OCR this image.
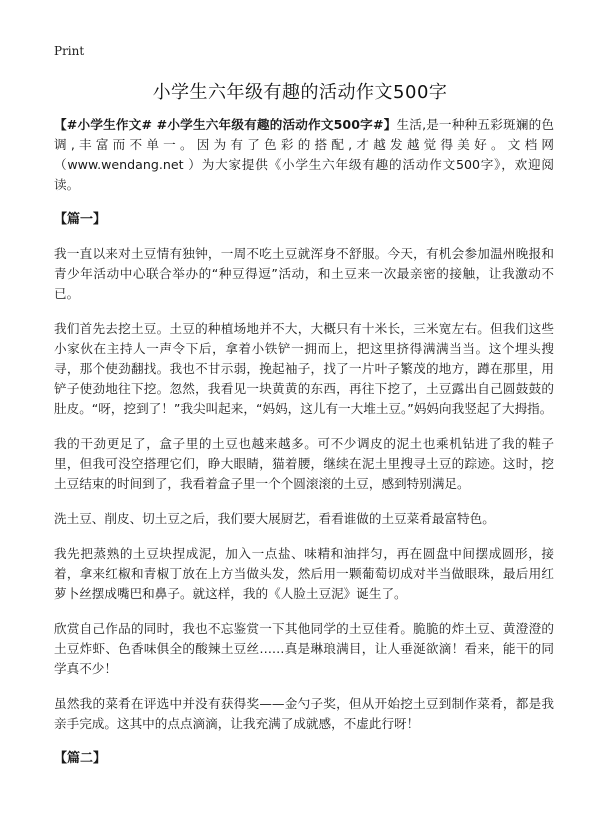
Print
小学生六年级有趣的活动作文500字

【#小学生作文# #小学生六年级有趣的活动作文500字#】生活,是一种种五彩斑斓的色调,丰富而不单一。因为有了色彩的搭配,才越发越觉得美好。文档网（www.wendang.net ）为大家提供《小学生六年级有趣的活动作文500字》，欢迎阅读。

【篇一】

我一直以来对土豆情有独钟，一周不吃土豆就浑身不舒服。今天，有机会参加温州晚报和青少年活动中心联合举办的“种豆得逗”活动，和土豆来一次最亲密的接触，让我激动不已。

我们首先去挖土豆。土豆的种植场地并不大，大概只有十米长，三米宽左右。但我们这些小家伙在主持人一声令下后，拿着小铁铲一拥而上，把这里挤得满满当当。这个埋头搜寻，那个使劲翻找。我也不甘示弱，挽起袖子，找了一片叶子繁茂的地方，蹲在那里，用铲子使劲地往下挖。忽然，我看见一块黄黄的东西，再往下挖了，土豆露出自己圆鼓鼓的肚皮。“呀，挖到了！”我尖叫起来，“妈妈，这儿有一大堆土豆。”妈妈向我竖起了大拇指。

我的干劲更足了，盒子里的土豆也越来越多。可不少调皮的泥土也乘机钻进了我的鞋子里，但我可没空搭理它们，睁大眼睛，猫着腰，继续在泥土里搜寻土豆的踪迹。这时，挖土豆结束的时间到了，我看着盒子里一个个圆滚滚的土豆，感到特别满足。

洗土豆、削皮、切土豆之后，我们要大展厨艺，看看谁做的土豆菜肴最富特色。

我先把蒸熟的土豆块捏成泥，加入一点盐、味精和油拌匀，再在圆盘中间摆成圆形，接着，拿来红椒和青椒丁放在上方当做头发，然后用一颗葡萄切成对半当做眼珠，最后用红萝卜丝摆成嘴巴和鼻子。就这样，我的《人脸土豆泥》诞生了。

欣赏自己作品的同时，我也不忘鉴赏一下其他同学的土豆佳肴。脆脆的炸土豆、黄澄澄的土豆炸虾、色香味俱全的酸辣土豆丝……真是琳琅满目，让人垂涎欲滴！看来，能干的同学真不少！

虽然我的菜肴在评选中并没有获得奖——金勺子奖，但从开始挖土豆到制作菜肴，都是我亲手完成。这其中的点点滴滴，让我充满了成就感，不虚此行呀！

【篇二】
